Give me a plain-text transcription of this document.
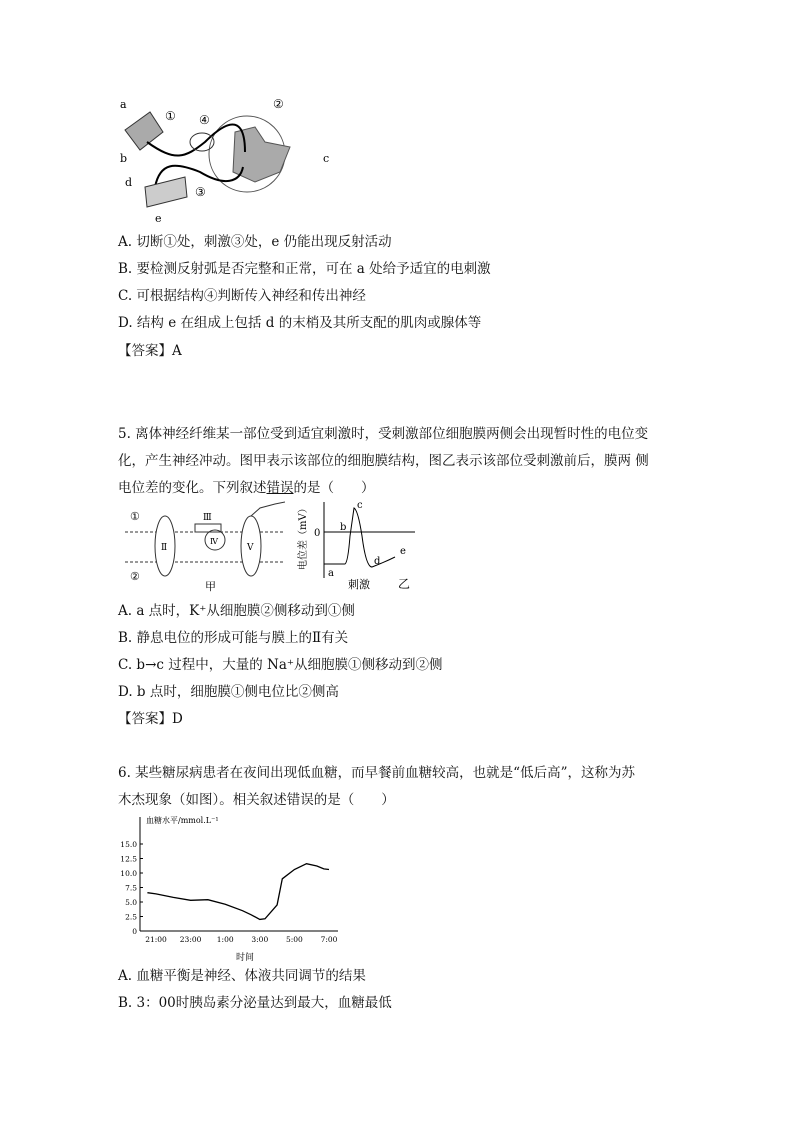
a
b	c
d
e
①
②
③
④
A. 切断①处，刺激③处，e 仍能出现反射活动
B. 要检测反射弧是否完整和正常，可在 a 处给予适宜的电刺激
C. 可根据结构④判断传入神经和传出神经
D. 结构 e 在组成上包括 d 的末梢及其所支配的肌肉或腺体等
【答案】A
5. 离体神经纤维某一部位受到适宜刺激时，受刺激部位细胞膜两侧会出现暂时性的电位变
化，产生神经冲动。图甲表示该部位的细胞膜结构，图乙表示该部位受刺激前后，膜两 侧
电位差的变化。下列叙述错误的是（　　）
①
②
Ⅱ
Ⅲ
Ⅳ
Ⅴ
甲
电位差（mV） 0
a
b
c
d
e
刺激 乙
A. a 点时，K⁺从细胞膜②侧移动到①侧
B. 静息电位的形成可能与膜上的Ⅱ有关
C. b→c 过程中，大量的 Na⁺从细胞膜①侧移动到②侧
D. b 点时，细胞膜①侧电位比②侧高
【答案】D
6. 某些糖尿病患者在夜间出现低血糖，而早餐前血糖较高，也就是“低后高”，这称为苏
木杰现象（如图）。相关叙述错误的是（　　）
0
2.5
5.0
7.5
10.0
12.5
15.0
21:00 23:00 1:00 3:00 5:00 7:00
血糖水平/mmol.L⁻¹
时间
A. 血糖平衡是神经、体液共同调节的结果
B. 3：00时胰岛素分泌量达到最大，血糖最低
